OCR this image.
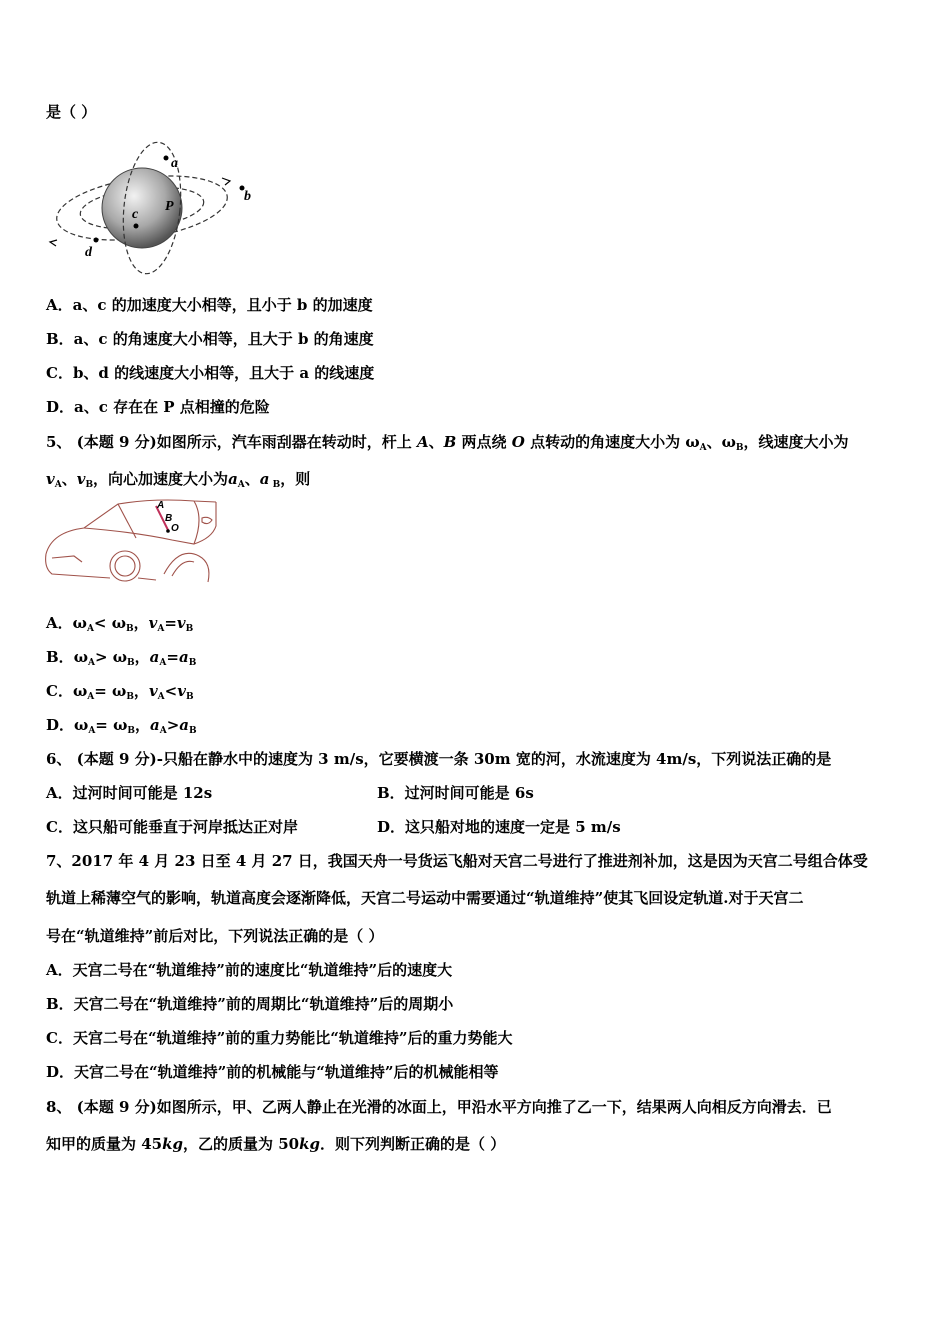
是（ ）
a
b
c
d
P
A．a、c 的加速度大小相等，且小于 b 的加速度
B．a、c 的角速度大小相等，且大于 b 的角速度
C．b、d 的线速度大小相等，且大于 a 的线速度
D．a、c 存在在 P 点相撞的危险
5、 (本题 9 分)如图所示，汽车雨刮器在转动时，杆上 A、B 两点绕 O 点转动的角速度大小为 $\omega_A$、$\omega_B$，线速度大小为
$v_A$、$v_B$，向心加速度大小为$a_A$、a $_B$，则
A
B
O
A．$\omega_A< \omega_B$，$v_A=v_B$
B．$\omega_A> \omega_B$，$a_A=a_B$
C．$\omega_A= \omega_B$，$v_A<v_B$
D．$\omega_A= \omega_B$，$a_A>a_B$
6、 (本题 9 分)-只船在静水中的速度为 3 m/s，它要横渡一条 30m 宽的河，水流速度为 4m/s，下列说法正确的是
A．过河时间可能是 12s	B．过河时间可能是 6s
C．这只船可能垂直于河岸抵达正对岸	D．这只船对地的速度一定是 5 m/s
7、2017 年 4 月 23 日至 4 月 27 日，我国天舟一号货运飞船对天宫二号进行了推进剂补加，这是因为天宫二号组合体受
轨道上稀薄空气的影响，轨道高度会逐渐降低，天宫二号运动中需要通过“轨道维持”使其飞回设定轨道.对于天宫二
号在“轨道维持”前后对比，下列说法正确的是（ ）
A．天宫二号在“轨道维持”前的速度比“轨道维持”后的速度大
B．天宫二号在“轨道维持”前的周期比“轨道维持”后的周期小
C．天宫二号在“轨道维持”前的重力势能比“轨道维持”后的重力势能大
D．天宫二号在“轨道维持”前的机械能与“轨道维持”后的机械能相等
8、 (本题 9 分)如图所示，甲、乙两人静止在光滑的冰面上，甲沿水平方向推了乙一下，结果两人向相反方向滑去．已
知甲的质量为 45kg，乙的质量为 50kg．则下列判断正确的是（ ）
